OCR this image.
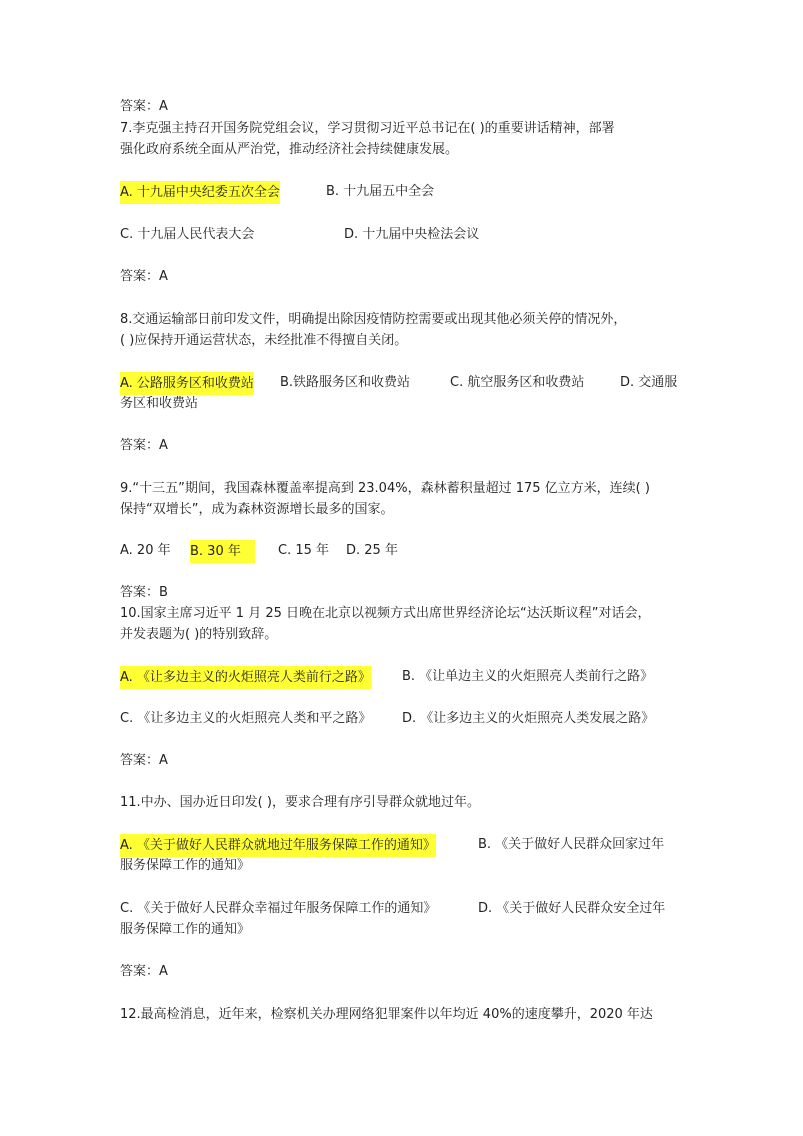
答案：A
7.李克强主持召开国务院党组会议，学习贯彻习近平总书记在( )的重要讲话精神，部署
强化政府系统全面从严治党，推动经济社会持续健康发展。
A. 十九届中央纪委五次全会	B. 十九届五中全会
C. 十九届人民代表大会	D. 十九届中央检法会议
答案：A
8.交通运输部日前印发文件，明确提出除因疫情防控需要或出现其他必须关停的情况外，
( )应保持开通运营状态，未经批准不得擅自关闭。
A. 公路服务区和收费站 B.铁路服务区和收费站	C. 航空服务区和收费站	D. 交通服
务区和收费站
答案：A
9.“十三五”期间，我国森林覆盖率提高到 23.04%，森林蓄积量超过 175 亿立方米，连续( )
保持“双增长”，成为森林资源增长最多的国家。
A. 20 年 B. 30 年	C. 15 年 D. 25 年
答案：B
10.国家主席习近平 1 月 25 日晚在北京以视频方式出席世界经济论坛“达沃斯议程”对话会，
并发表题为( )的特别致辞。
A. 《让多边主义的火炬照亮人类前行之路》 B. 《让单边主义的火炬照亮人类前行之路》
C. 《让多边主义的火炬照亮人类和平之路》 D. 《让多边主义的火炬照亮人类发展之路》
答案：A
11.中办、国办近日印发( )，要求合理有序引导群众就地过年。
A. 《关于做好人民群众就地过年服务保障工作的通知》	B. 《关于做好人民群众回家过年
服务保障工作的通知》
C. 《关于做好人民群众幸福过年服务保障工作的通知》	D. 《关于做好人民群众安全过年
服务保障工作的通知》
答案：A
12.最高检消息，近年来，检察机关办理网络犯罪案件以年均近 40%的速度攀升，2020 年达
